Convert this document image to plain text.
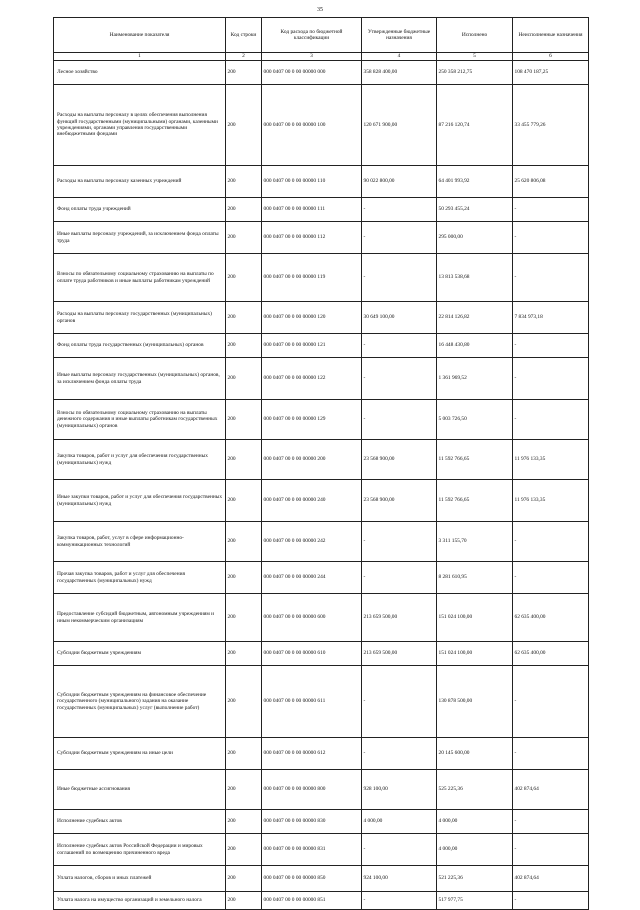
35
Наименование показателя	Код строки	Код расхода по бюджетной классификации	Утвержденные бюджетные назначения	Исполнено	Неисполненные назначения
1	2	3	4	5	6

Лесное хозяйство	200	000 0407 00 0 00 00000 000	358 828 400,00	250 358 212,75	108 470 187,25

Расходы на выплаты персоналу в целях обеспечения выполнения функций государственными (муниципальными) органами, казенными учреждениями, органами управления государственными внебюджетными фондами	200	000 0407 00 0 00 00000 100	120 671 900,00	87 216 120,74	33 455 779,26

Расходы на выплаты персоналу казенных учреждений	200	000 0407 00 0 00 00000 110	90 022 800,00	64 401 993,92	25 620 806,08

Фонд оплаты труда учреждений	200	000 0407 00 0 00 00000 111	-	50 293 455,24	-

Иные выплаты персоналу учреждений, за исключением фонда оплаты труда	200	000 0407 00 0 00 00000 112	-	295 000,00	-

Взносы по обязательному социальному страхованию на выплаты по оплате труда работников и иные выплаты работникам учреждений	200	000 0407 00 0 00 00000 119	-	13 813 538,68	-

Расходы на выплаты персоналу государственных (муниципальных) органов	200	000 0407 00 0 00 00000 120	30 649 100,00	22 814 126,82	7 834 973,18

Фонд оплаты труда государственных (муниципальных) органов	200	000 0407 00 0 00 00000 121	-	16 448 430,80	-

Иные выплаты персоналу государственных (муниципальных) органов, за исключением фонда оплаты труда	200	000 0407 00 0 00 00000 122	-	1 361 969,52	-

Взносы по обязательному социальному страхованию на выплаты денежного содержания и иные выплаты работникам государственных (муниципальных) органов	200	000 0407 00 0 00 00000 129	-	5 003 726,50	-

Закупка товаров, работ и услуг для обеспечения государственных (муниципальных) нужд	200	000 0407 00 0 00 00000 200	23 568 900,00	11 592 766,65	11 976 133,35

Иные закупки товаров, работ и услуг для обеспечения государственных (муниципальных) нужд	200	000 0407 00 0 00 00000 240	23 568 900,00	11 592 766,65	11 976 133,35

Закупка товаров, работ, услуг в сфере информационно-коммуникационных технологий	200	000 0407 00 0 00 00000 242	-	3 311 155,70	-

Прочая закупка товаров, работ и услуг для обеспечения государственных (муниципальных) нужд	200	000 0407 00 0 00 00000 244	-	8 281 610,95	-

Предоставление субсидий бюджетным, автономным учреждениям и иным некоммерческим организациям	200	000 0407 00 0 00 00000 600	213 659 500,00	151 024 100,00	62 635 400,00

Субсидии бюджетным учреждениям	200	000 0407 00 0 00 00000 610	213 659 500,00	151 024 100,00	62 635 400,00

Субсидии бюджетным учреждениям на финансовое обеспечение государственного (муниципального) задания на оказание государственных (муниципальных) услуг (выполнение работ)	200	000 0407 00 0 00 00000 611	-	130 878 500,00	-

Субсидии бюджетным учреждениям на иные цели	200	000 0407 00 0 00 00000 612	-	20 145 600,00	-

Иные бюджетные ассигнования	200	000 0407 00 0 00 00000 800	928 100,00	525 225,36	402 874,64

Исполнение судебных актов	200	000 0407 00 0 00 00000 830	4 000,00	4 000,00	-

Исполнение судебных актов Российской Федерации и мировых соглашений по возмещению причиненного вреда	200	000 0407 00 0 00 00000 831	-	4 000,00	-

Уплата налогов, сборов и иных платежей	200	000 0407 00 0 00 00000 850	924 100,00	521 225,36	402 874,64

Уплата налога на имущество организаций и земельного налога	200	000 0407 00 0 00 00000 851	-	517 977,75	-
